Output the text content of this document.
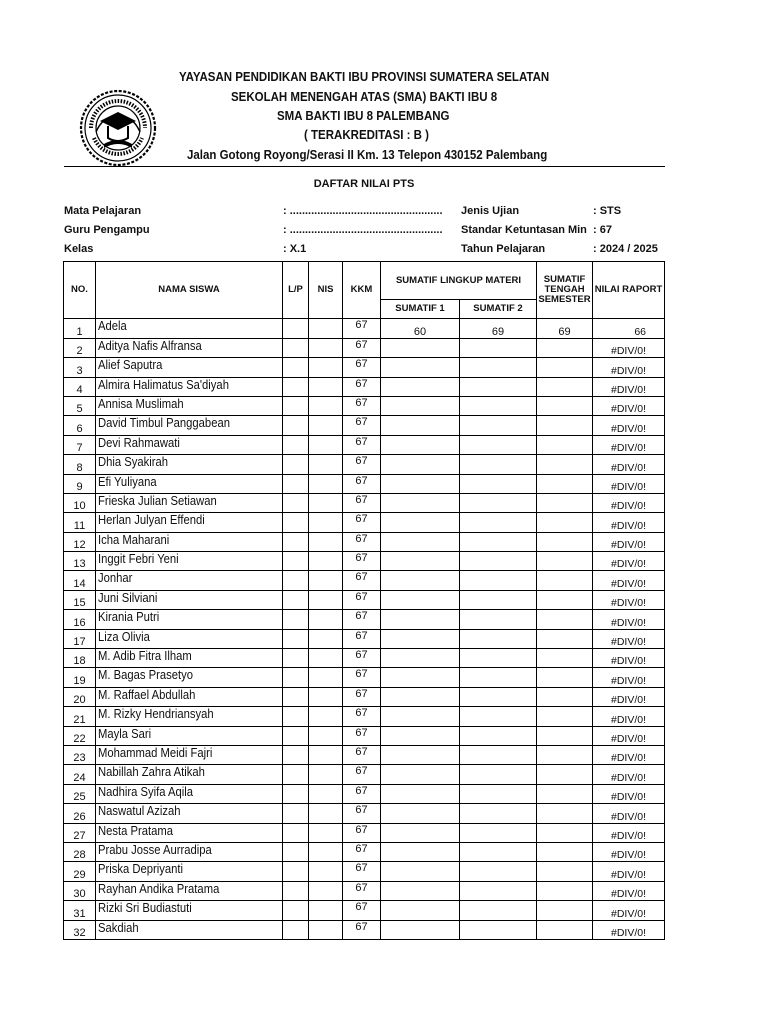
YAYASAN PENDIDIKAN BAKTI IBU PROVINSI SUMATERA SELATAN
SEKOLAH MENENGAH ATAS (SMA) BAKTI IBU 8
SMA BAKTI IBU 8 PALEMBANG
( TERAKREDITASI : B )
Jalan Gotong Royong/Serasi II Km. 13 Telepon 430152 Palembang
DAFTAR NILAI PTS
Mata Pelajaran	: ..................................................
Guru Pengampu	: ..................................................
Kelas	: X.1
Jenis Ujian	: STS
Standar Ketuntasan Min : 67
Tahun Pelajaran	: 2024 / 2025
NO.	NAMA SISWA	L/P	NIS	KKM	SUMATIF LINGKUP MATERI		SUMATIF
TENGAH
SEMESTER	NILAI RAPORT
					SUMATIF 1	SUMATIF 2		
1	Adela			67	60	69	69	66
2	Aditya Nafis Alfransa			67				#DIV/0!
3	Alief Saputra			67				#DIV/0!
4	Almira Halimatus Sa'diyah			67				#DIV/0!
5	Annisa Muslimah			67				#DIV/0!
6	David Timbul Panggabean			67				#DIV/0!
7	Devi Rahmawati			67				#DIV/0!
8	Dhia Syakirah			67				#DIV/0!
9	Efi Yuliyana			67				#DIV/0!
10	Frieska Julian Setiawan			67				#DIV/0!
11	Herlan Julyan Effendi			67				#DIV/0!
12	Icha Maharani			67				#DIV/0!
13	Inggit Febri Yeni			67				#DIV/0!
14	Jonhar			67				#DIV/0!
15	Juni Silviani			67				#DIV/0!
16	Kirania Putri			67				#DIV/0!
17	Liza Olivia			67				#DIV/0!
18	M. Adib Fitra Ilham			67				#DIV/0!
19	M. Bagas Prasetyo			67				#DIV/0!
20	M. Raffael Abdullah			67				#DIV/0!
21	M. Rizky Hendriansyah			67				#DIV/0!
22	Mayla Sari			67				#DIV/0!
23	Mohammad Meidi Fajri			67				#DIV/0!
24	Nabillah Zahra Atikah			67				#DIV/0!
25	Nadhira Syifa Aqila			67				#DIV/0!
26	Naswatul Azizah			67				#DIV/0!
27	Nesta Pratama			67				#DIV/0!
28	Prabu Josse Aurradipa			67				#DIV/0!
29	Priska Depriyanti			67				#DIV/0!
30	Rayhan Andika Pratama			67				#DIV/0!
31	Rizki Sri Budiastuti			67				#DIV/0!
32	Sakdiah			67				#DIV/0!
